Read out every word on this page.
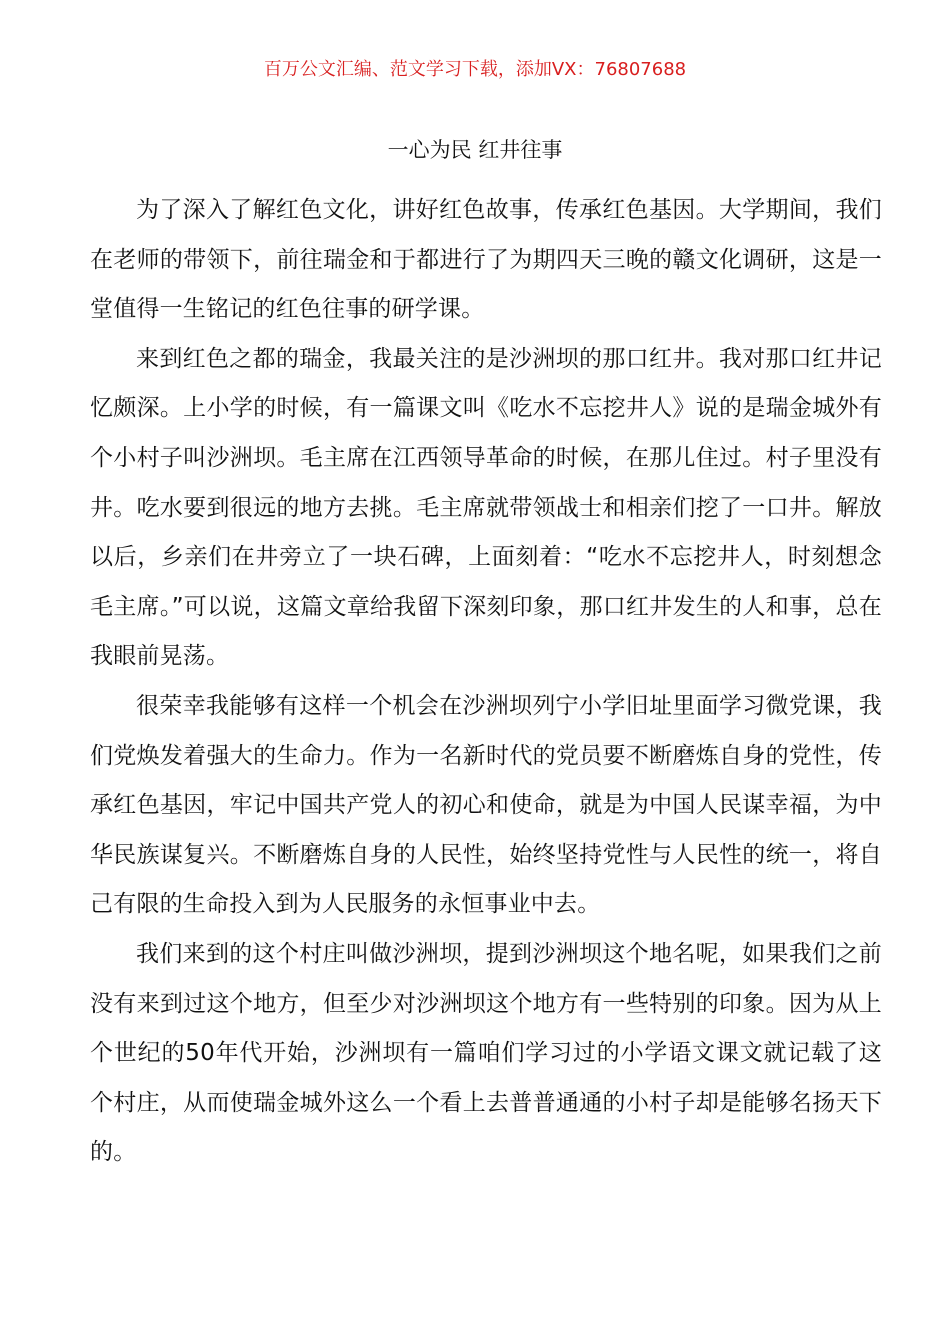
百万公文汇编、范文学习下载，添加VX：76807688
一心为民 红井往事

为了深入了解红色文化，讲好红色故事，传承红色基因。大学期间，我们在老师的带领下，前往瑞金和于都进行了为期四天三晚的赣文化调研，这是一堂值得一生铭记的红色往事的研学课。

来到红色之都的瑞金，我最关注的是沙洲坝的那口红井。我对那口红井记忆颇深。上小学的时候，有一篇课文叫《吃水不忘挖井人》说的是瑞金城外有个小村子叫沙洲坝。毛主席在江西领导革命的时候，在那儿住过。村子里没有井。吃水要到很远的地方去挑。毛主席就带领战士和相亲们挖了一口井。解放以后，乡亲们在井旁立了一块石碑，上面刻着：“吃水不忘挖井人，时刻想念毛主席。”可以说，这篇文章给我留下深刻印象，那口红井发生的人和事，总在我眼前晃荡。

很荣幸我能够有这样一个机会在沙洲坝列宁小学旧址里面学习微党课，我们党焕发着强大的生命力。作为一名新时代的党员要不断磨炼自身的党性，传承红色基因，牢记中国共产党人的初心和使命，就是为中国人民谋幸福，为中华民族谋复兴。不断磨炼自身的人民性，始终坚持党性与人民性的统一，将自己有限的生命投入到为人民服务的永恒事业中去。

我们来到的这个村庄叫做沙洲坝，提到沙洲坝这个地名呢，如果我们之前没有来到过这个地方，但至少对沙洲坝这个地方有一些特别的印象。因为从上个世纪的50年代开始，沙洲坝有一篇咱们学习过的小学语文课文就记载了这个村庄，从而使瑞金城外这么一个看上去普普通通的小村子却是能够名扬天下的。
